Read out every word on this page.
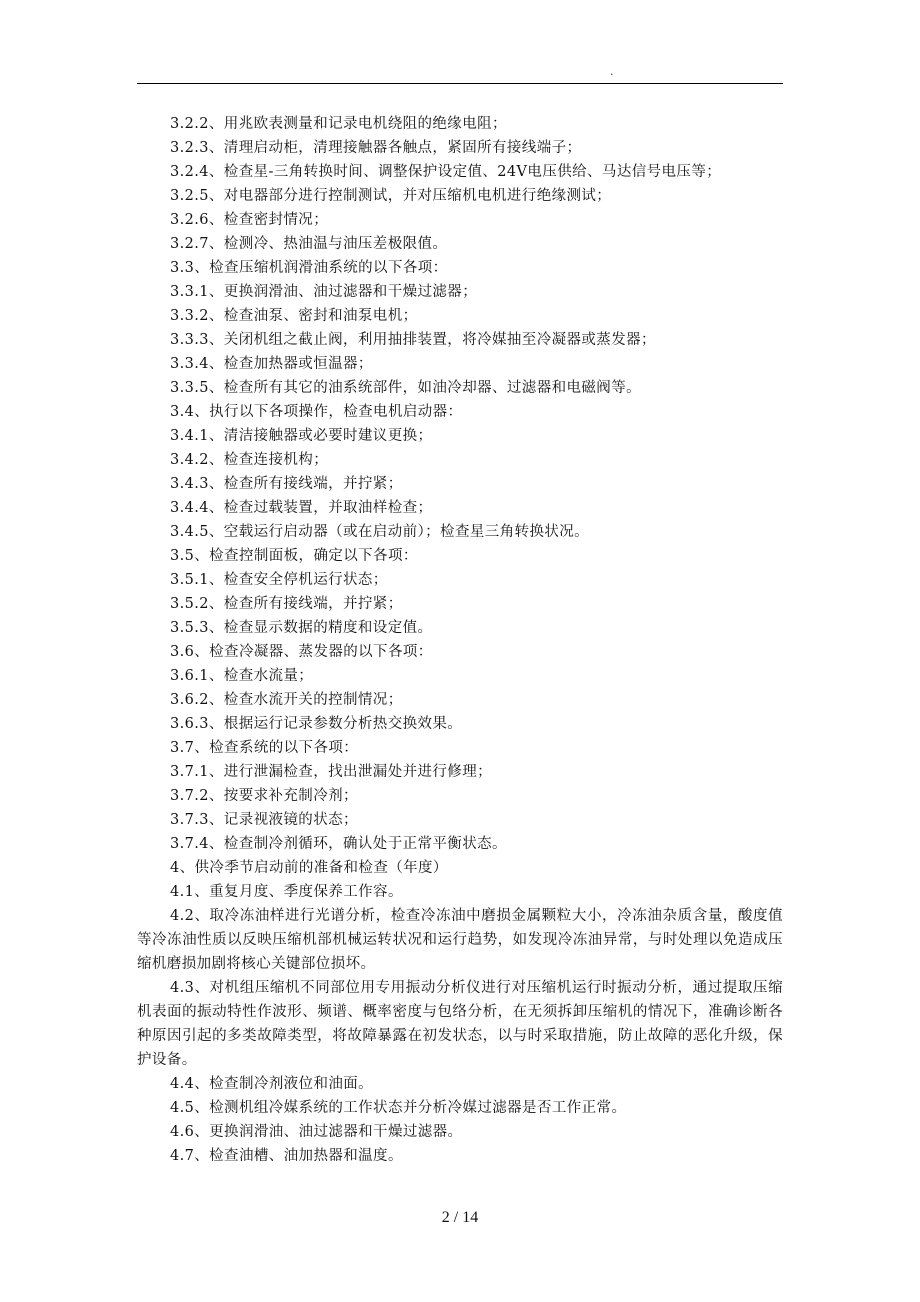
.
3.2.2、用兆欧表测量和记录电机绕阻的绝缘电阻；
3.2.3、清理启动柜，清理接触器各触点，紧固所有接线端子；
3.2.4、检查星-三角转换时间、调整保护设定值、24V电压供给、马达信号电压等；
3.2.5、对电器部分进行控制测试，并对压缩机电机进行绝缘测试；
3.2.6、检查密封情况；
3.2.7、检测冷、热油温与油压差极限值。
3.3、检查压缩机润滑油系统的以下各项：
3.3.1、更换润滑油、油过滤器和干燥过滤器；
3.3.2、检查油泵、密封和油泵电机；
3.3.3、关闭机组之截止阀，利用抽排装置，将冷媒抽至冷凝器或蒸发器；
3.3.4、检查加热器或恒温器；
3.3.5、检查所有其它的油系统部件，如油冷却器、过滤器和电磁阀等。
3.4、执行以下各项操作，检查电机启动器：
3.4.1、清洁接触器或必要时建议更换；
3.4.2、检查连接机构；
3.4.3、检查所有接线端，并拧紧；
3.4.4、检查过载装置，并取油样检查；
3.4.5、空载运行启动器（或在启动前）；检查星三角转换状况。
3.5、检查控制面板，确定以下各项：
3.5.1、检查安全停机运行状态；
3.5.2、检查所有接线端，并拧紧；
3.5.3、检查显示数据的精度和设定值。
3.6、检查冷凝器、蒸发器的以下各项：
3.6.1、检查水流量；
3.6.2、检查水流开关的控制情况；
3.6.3、根据运行记录参数分析热交换效果。
3.7、检查系统的以下各项：
3.7.1、进行泄漏检查，找出泄漏处并进行修理；
3.7.2、按要求补充制冷剂；
3.7.3、记录视液镜的状态；
3.7.4、检查制冷剂循环，确认处于正常平衡状态。
4、供冷季节启动前的准备和检查（年度）
4.1、重复月度、季度保养工作容。

4.2、取冷冻油样进行光谱分析，检查冷冻油中磨损金属颗粒大小，冷冻油杂质含量，酸度值等冷冻油性质以反映压缩机部机械运转状况和运行趋势，如发现冷冻油异常，与时处理以免造成压缩机磨损加剧将核心关键部位损坏。

4.3、对机组压缩机不同部位用专用振动分析仪进行对压缩机运行时振动分析，通过提取压缩机表面的振动特性作波形、频谱、概率密度与包络分析，在无须拆卸压缩机的情况下，准确诊断各种原因引起的多类故障类型，将故障暴露在初发状态，以与时采取措施，防止故障的恶化升级，保护设备。

4.4、检查制冷剂液位和油面。
4.5、检测机组冷媒系统的工作状态并分析冷媒过滤器是否工作正常。
4.6、更换润滑油、油过滤器和干燥过滤器。
4.7、检查油槽、油加热器和温度。
2 / 14
